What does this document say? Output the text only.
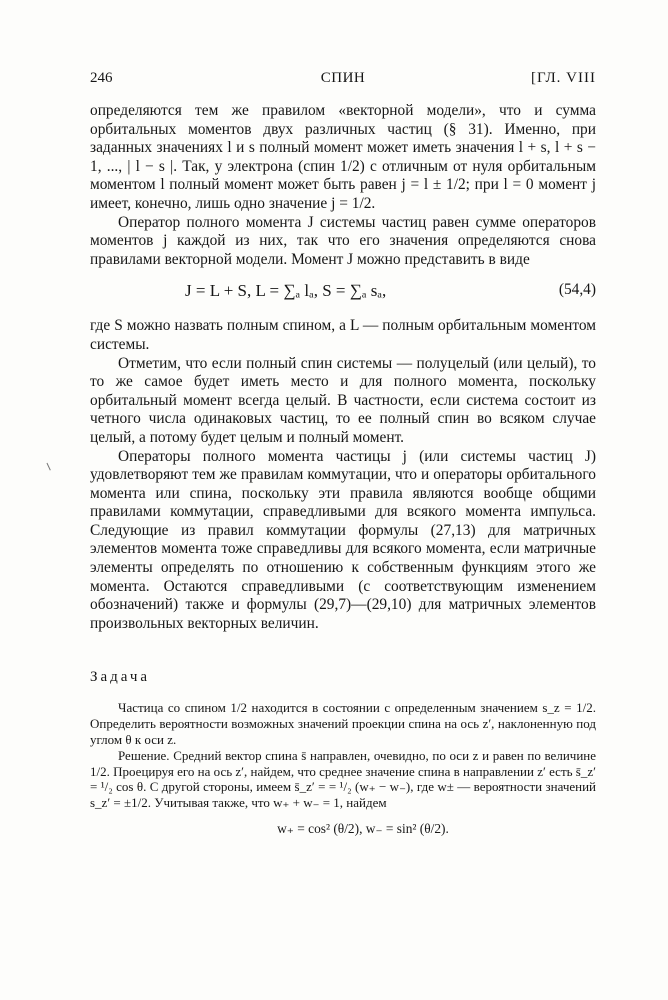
246	СПИН	[ГЛ. VIII

определяются тем же правилом «векторной модели», что и сумма орбитальных моментов двух различных частиц (§ 31). Именно, при заданных значениях l и s полный момент может иметь значения l + s, l + s − 1, ..., | l − s |. Так, у электрона (спин 1/2) с отличным от нуля орбитальным моментом l полный момент может быть равен j = l ± 1/2; при l = 0 момент j имеет, конечно, лишь одно значение j = 1/2.

Оператор полного момента J системы частиц равен сумме операторов моментов j каждой из них, так что его значения определяются снова правилами векторной модели. Момент J можно представить в виде

J = L + S, L = ∑ₐ lₐ, S = ∑ₐ sₐ,	(54,4)

где S можно назвать полным спином, а L — полным орбитальным моментом системы.

Отметим, что если полный спин системы — полуцелый (или целый), то то же самое будет иметь место и для полного момента, поскольку орбитальный момент всегда целый. В частности, если система состоит из четного числа одинаковых частиц, то ее полный спин во всяком случае целый, а потому будет целым и полный момент.

Операторы полного момента частицы j (или системы частиц J) удовлетворяют тем же правилам коммутации, что и операторы орбитального момента или спина, поскольку эти правила являются вообще общими правилами коммутации, справедливыми для всякого момента импульса. Следующие из правил коммутации формулы (27,13) для матричных элементов момента тоже справедливы для всякого момента, если матричные элементы определять по отношению к собственным функциям этого же момента. Остаются справедливыми (с соответствующим изменением обозначений) также и формулы (29,7)—(29,10) для матричных элементов произвольных векторных величин.

Задача

Частица со спином 1/2 находится в состоянии с определенным значением s_z = 1/2. Определить вероятности возможных значений проекции спина на ось z′, наклоненную под углом θ к оси z.

Решение. Средний вектор спина s̄ направлен, очевидно, по оси z и равен по величине 1/2. Проецируя его на ось z′, найдем, что среднее значение спина в направлении z′ есть s̄_z′ = ¹/₂ cos θ. С другой стороны, имеем s̄_z′ = = ¹/₂ (w₊ − w₋), где w± — вероятности значений s_z′ = ±1/2. Учитывая также, что w₊ + w₋ = 1, найдем

w₊ = cos² (θ/2), w₋ = sin² (θ/2).
